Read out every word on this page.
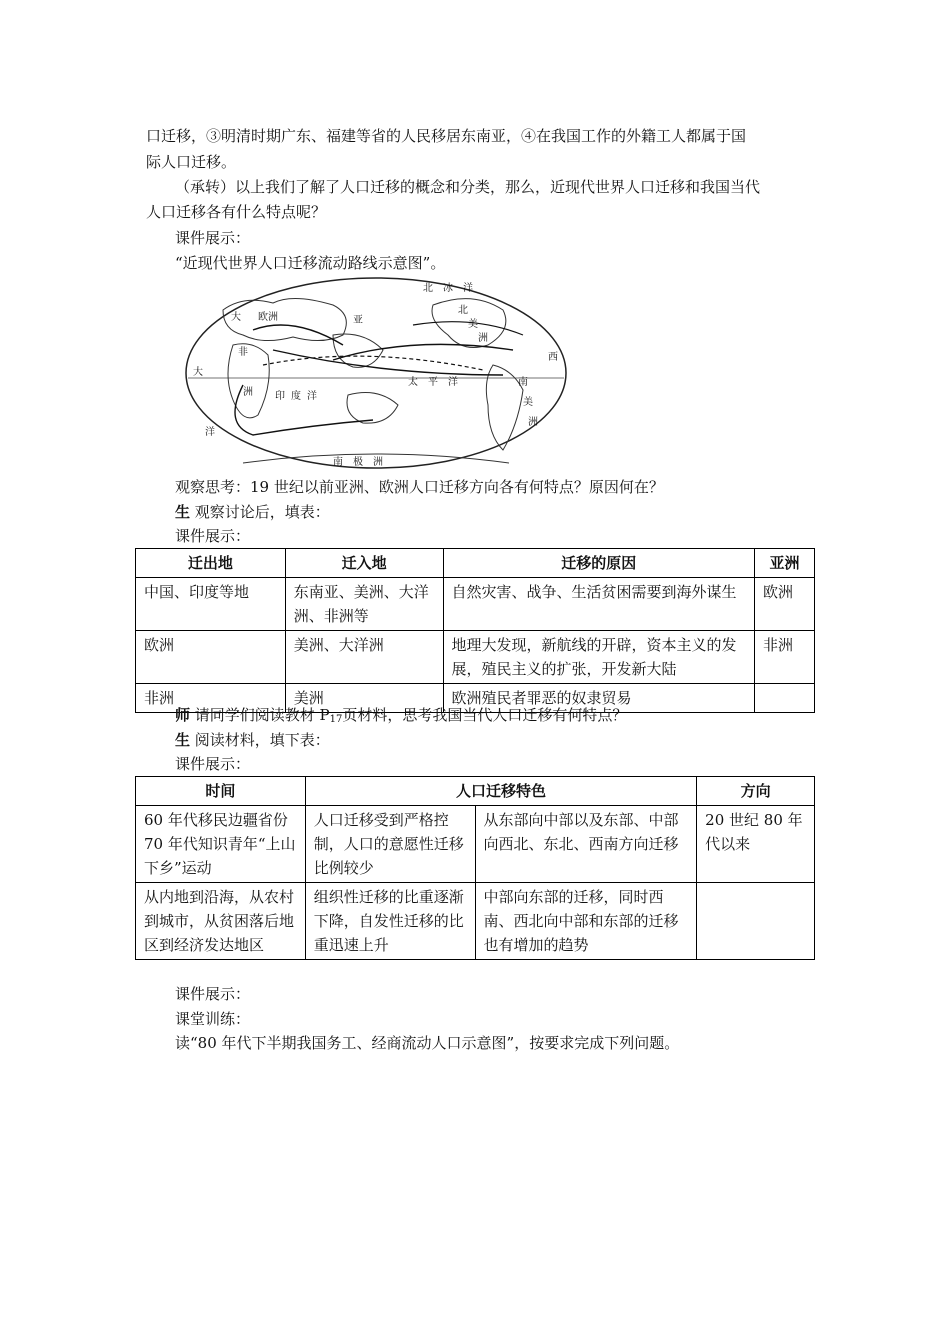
口迁移，③明清时期广东、福建等省的人民移居东南亚，④在我国工作的外籍工人都属于国
际人口迁移。
（承转）以上我们了解了人口迁移的概念和分类，那么，近现代世界人口迁移和我国当代
人口迁移各有什么特点呢？
课件展示：
“近现代世界人口迁移流动路线示意图”。
北 冰 洋
大 欧洲	亚
北
美
洲
非
洲
西
大
洋
印 度 洋
太 平 洋	南
美
洲
南 极 洲
观察思考：19 世纪以前亚洲、欧洲人口迁移方向各有何特点？原因何在？
生 观察讨论后，填表：
课件展示：
迁出地	迁入地	迁移的原因	亚洲
中国、印度等地	东南亚、美洲、大洋洲、非洲等	自然灾害、战争、生活贫困需要到海外谋生	欧洲
欧洲	美洲、大洋洲	地理大发现，新航线的开辟，资本主义的发展，殖民主义的扩张，开发新大陆	非洲
非洲	美洲	欧洲殖民者罪恶的奴隶贸易	
师 请同学们阅读教材 $P_{17}$页材料，思考我国当代人口迁移有何特点？
生 阅读材料，填下表：
课件展示：
时间	人口迁移特色		方向
60 年代移民边疆省份 70 年代知识青年“上山下乡”运动	人口迁移受到严格控制，人口的意愿性迁移比例较少	从东部向中部以及东部、中部向西北、东北、西南方向迁移	20 世纪 80 年代以来
从内地到沿海，从农村到城市，从贫困落后地区到经济发达地区	组织性迁移的比重逐渐下降，自发性迁移的比重迅速上升	中部向东部的迁移，同时西南、西北向中部和东部的迁移也有增加的趋势	
课件展示：
课堂训练：
读“80 年代下半期我国务工、经商流动人口示意图”，按要求完成下列问题。
